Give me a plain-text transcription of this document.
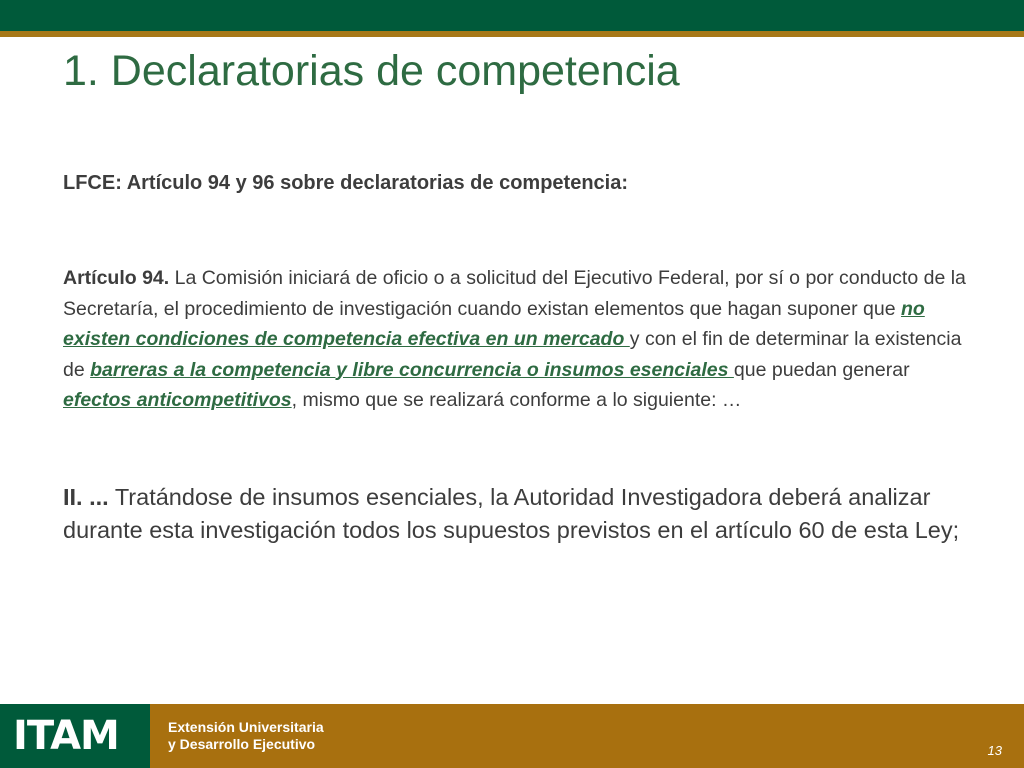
1. Declaratorias de competencia
LFCE: Artículo 94 y 96 sobre declaratorias de competencia:
Artículo 94. La Comisión iniciará de oficio o a solicitud del Ejecutivo Federal, por sí o por conducto de la Secretaría, el procedimiento de investigación cuando existan elementos que hagan suponer que no existen condiciones de competencia efectiva en un mercado y con el fin de determinar la existencia de barreras a la competencia y libre concurrencia o insumos esenciales que puedan generar efectos anticompetitivos, mismo que se realizará conforme a lo siguiente: …
II. ... Tratándose de insumos esenciales, la Autoridad Investigadora deberá analizar durante esta investigación todos los supuestos previstos en el artículo 60 de esta Ley;
ITAM	Extensión Universitaria
y Desarrollo Ejecutivo	13
